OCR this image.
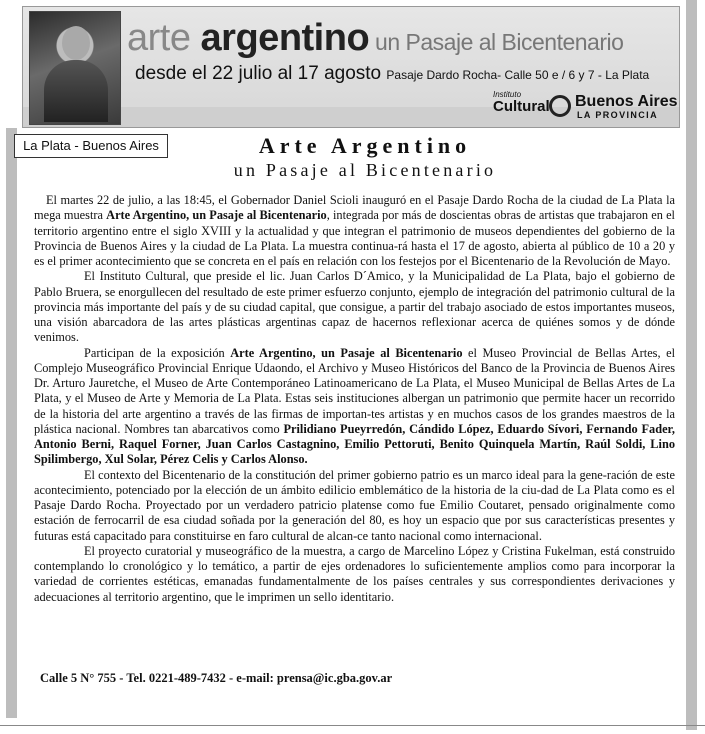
arte argentino un Pasaje al Bicentenario
desde el 22 julio al 17 agosto Pasaje Dardo Rocha- Calle 50 e / 6 y 7 - La Plata
Instituto
Cultural Buenos Aires
LA PROVINCIA
La Plata - Buenos Aires	Arte Argentino
un Pasaje al Bicentenario

El martes 22 de julio, a las 18:45, el Gobernador Daniel Scioli inauguró en el Pasaje Dardo Rocha de la ciudad de La Plata la mega muestra Arte Argentino, un Pasaje al Bicentenario, integrada por más de doscientas obras de artistas que trabajaron en el territorio argentino entre el siglo XVIII y la actualidad y que integran el patrimonio de museos dependientes del gobierno de la Provincia de Buenos Aires y la ciudad de La Plata. La muestra continua-rá hasta el 17 de agosto, abierta al público de 10 a 20 y es el primer acontecimiento que se concreta en el país en relación con los festejos por el Bicentenario de la Revolución de Mayo.

El Instituto Cultural, que preside el lic. Juan Carlos D´Amico, y la Municipalidad de La Plata, bajo el gobierno de Pablo Bruera, se enorgullecen del resultado de este primer esfuerzo conjunto, ejemplo de integración del patrimonio cultural de la provincia más importante del país y de su ciudad capital, que consigue, a partir del trabajo asociado de estos importantes museos, una visión abarcadora de las artes plásticas argentinas capaz de hacernos reflexionar acerca de quiénes somos y de dónde venimos.

Participan de la exposición Arte Argentino, un Pasaje al Bicentenario el Museo Provincial de Bellas Artes, el Complejo Museográfico Provincial Enrique Udaondo, el Archivo y Museo Históricos del Banco de la Provincia de Buenos Aires Dr. Arturo Jauretche, el Museo de Arte Contemporáneo Latinoamericano de La Plata, el Museo Municipal de Bellas Artes de La Plata, y el Museo de Arte y Memoria de La Plata. Estas seis instituciones albergan un patrimonio que permite hacer un recorrido de la historia del arte argentino a través de las firmas de importan-tes artistas y en muchos casos de los grandes maestros de la plástica nacional. Nombres tan abarcativos como Prilidiano Pueyrredón, Cándido López, Eduardo Sívori, Fernando Fader, Antonio Berni, Raquel Forner, Juan Carlos Castagnino, Emilio Pettoruti, Benito Quinquela Martín, Raúl Soldi, Lino Spilimbergo, Xul Solar, Pérez Celis y Carlos Alonso.

El contexto del Bicentenario de la constitución del primer gobierno patrio es un marco ideal para la gene-ración de este acontecimiento, potenciado por la elección de un ámbito edilicio emblemático de la historia de la ciu-dad de La Plata como es el Pasaje Dardo Rocha. Proyectado por un verdadero patricio platense como fue Emilio Coutaret, pensado originalmente como estación de ferrocarril de esa ciudad soñada por la generación del 80, es hoy un espacio que por sus características presentes y futuras está capacitado para constituirse en faro cultural de alcan-ce tanto nacional como internacional.

El proyecto curatorial y museográfico de la muestra, a cargo de Marcelino López y Cristina Fukelman, está construido contemplando lo cronológico y lo temático, a partir de ejes ordenadores lo suficientemente amplios como para incorporar la variedad de corrientes estéticas, emanadas fundamentalmente de los países centrales y sus correspondientes derivaciones y adecuaciones al territorio argentino, que le imprimen un sello identitario.

Calle 5 N° 755 - Tel. 0221-489-7432 - e-mail: prensa@ic.gba.gov.ar
